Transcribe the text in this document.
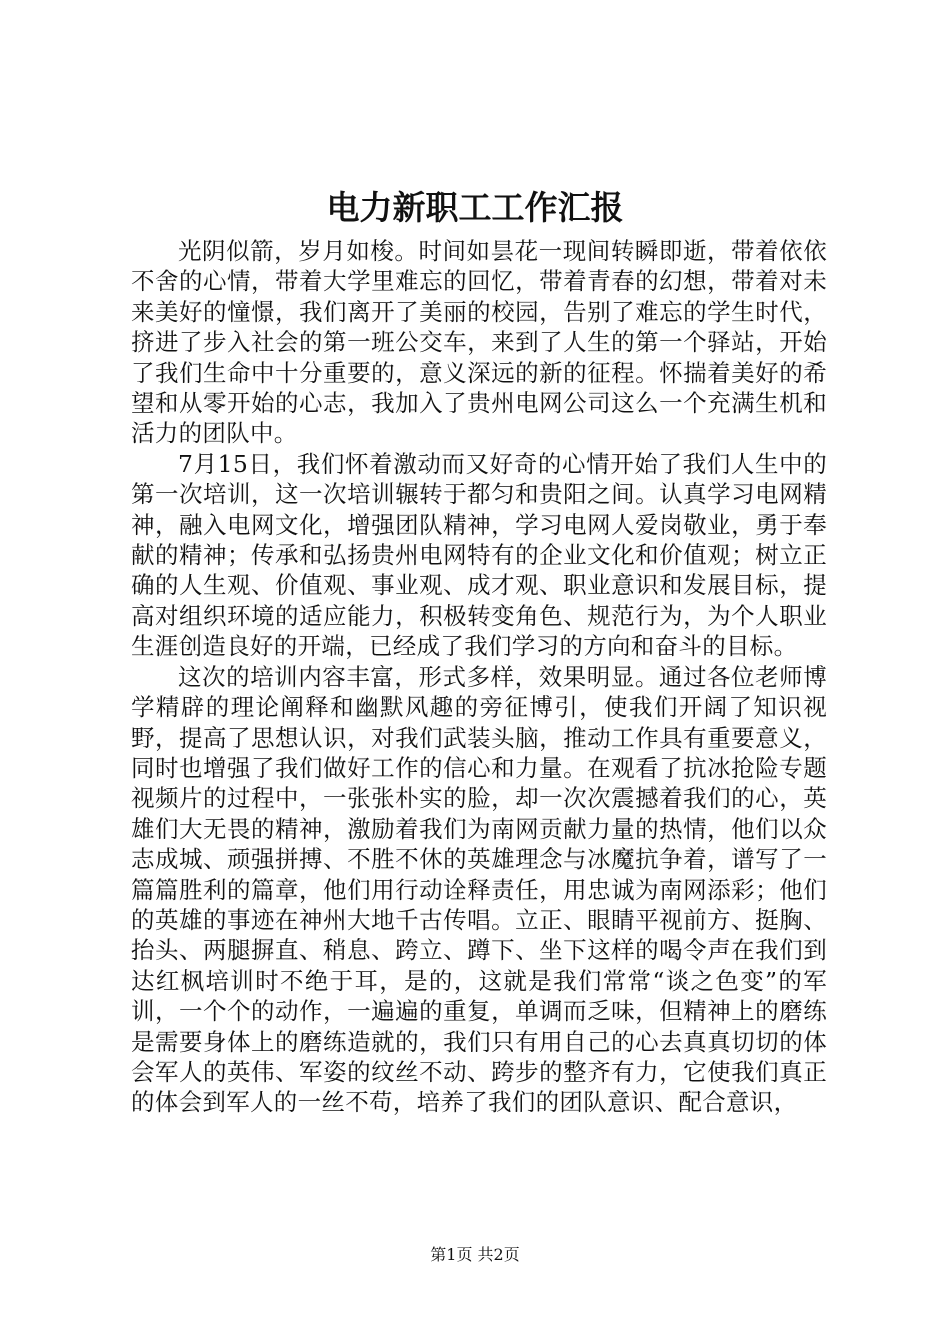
电力新职工工作汇报

光阴似箭，岁月如梭。时间如昙花一现间转瞬即逝，带着依依不舍的心情，带着大学里难忘的回忆，带着青春的幻想，带着对未来美好的憧憬，我们离开了美丽的校园，告别了难忘的学生时代，挤进了步入社会的第一班公交车，来到了人生的第一个驿站，开始了我们生命中十分重要的，意义深远的新的征程。怀揣着美好的希望和从零开始的心志，我加入了贵州电网公司这么一个充满生机和活力的团队中。

7月15日，我们怀着激动而又好奇的心情开始了我们人生中的第一次培训，这一次培训辗转于都匀和贵阳之间。认真学习电网精神，融入电网文化，增强团队精神，学习电网人爱岗敬业，勇于奉献的精神；传承和弘扬贵州电网特有的企业文化和价值观；树立正确的人生观、价值观、事业观、成才观、职业意识和发展目标，提高对组织环境的适应能力，积极转变角色、规范行为，为个人职业生涯创造良好的开端，已经成了我们学习的方向和奋斗的目标。

这次的培训内容丰富，形式多样，效果明显。通过各位老师博学精辟的理论阐释和幽默风趣的旁征博引，使我们开阔了知识视野，提高了思想认识，对我们武装头脑，推动工作具有重要意义，同时也增强了我们做好工作的信心和力量。在观看了抗冰抢险专题视频片的过程中，一张张朴实的脸，却一次次震撼着我们的心，英雄们大无畏的精神，激励着我们为南网贡献力量的热情，他们以众志成城、顽强拼搏、不胜不休的英雄理念与冰魔抗争着，谱写了一篇篇胜利的篇章，他们用行动诠释责任，用忠诚为南网添彩；他们的英雄的事迹在神州大地千古传唱。立正、眼睛平视前方、挺胸、抬头、两腿摒直、稍息、跨立、蹲下、坐下这样的喝令声在我们到达红枫培训时不绝于耳，是的，这就是我们常常“谈之色变”的军训，一个个的动作，一遍遍的重复，单调而乏味，但精神上的磨练是需要身体上的磨练造就的，我们只有用自己的心去真真切切的体会军人的英伟、军姿的纹丝不动、跨步的整齐有力，它使我们真正的体会到军人的一丝不苟，培养了我们的团队意识、配合意识，

第1页 共2页
